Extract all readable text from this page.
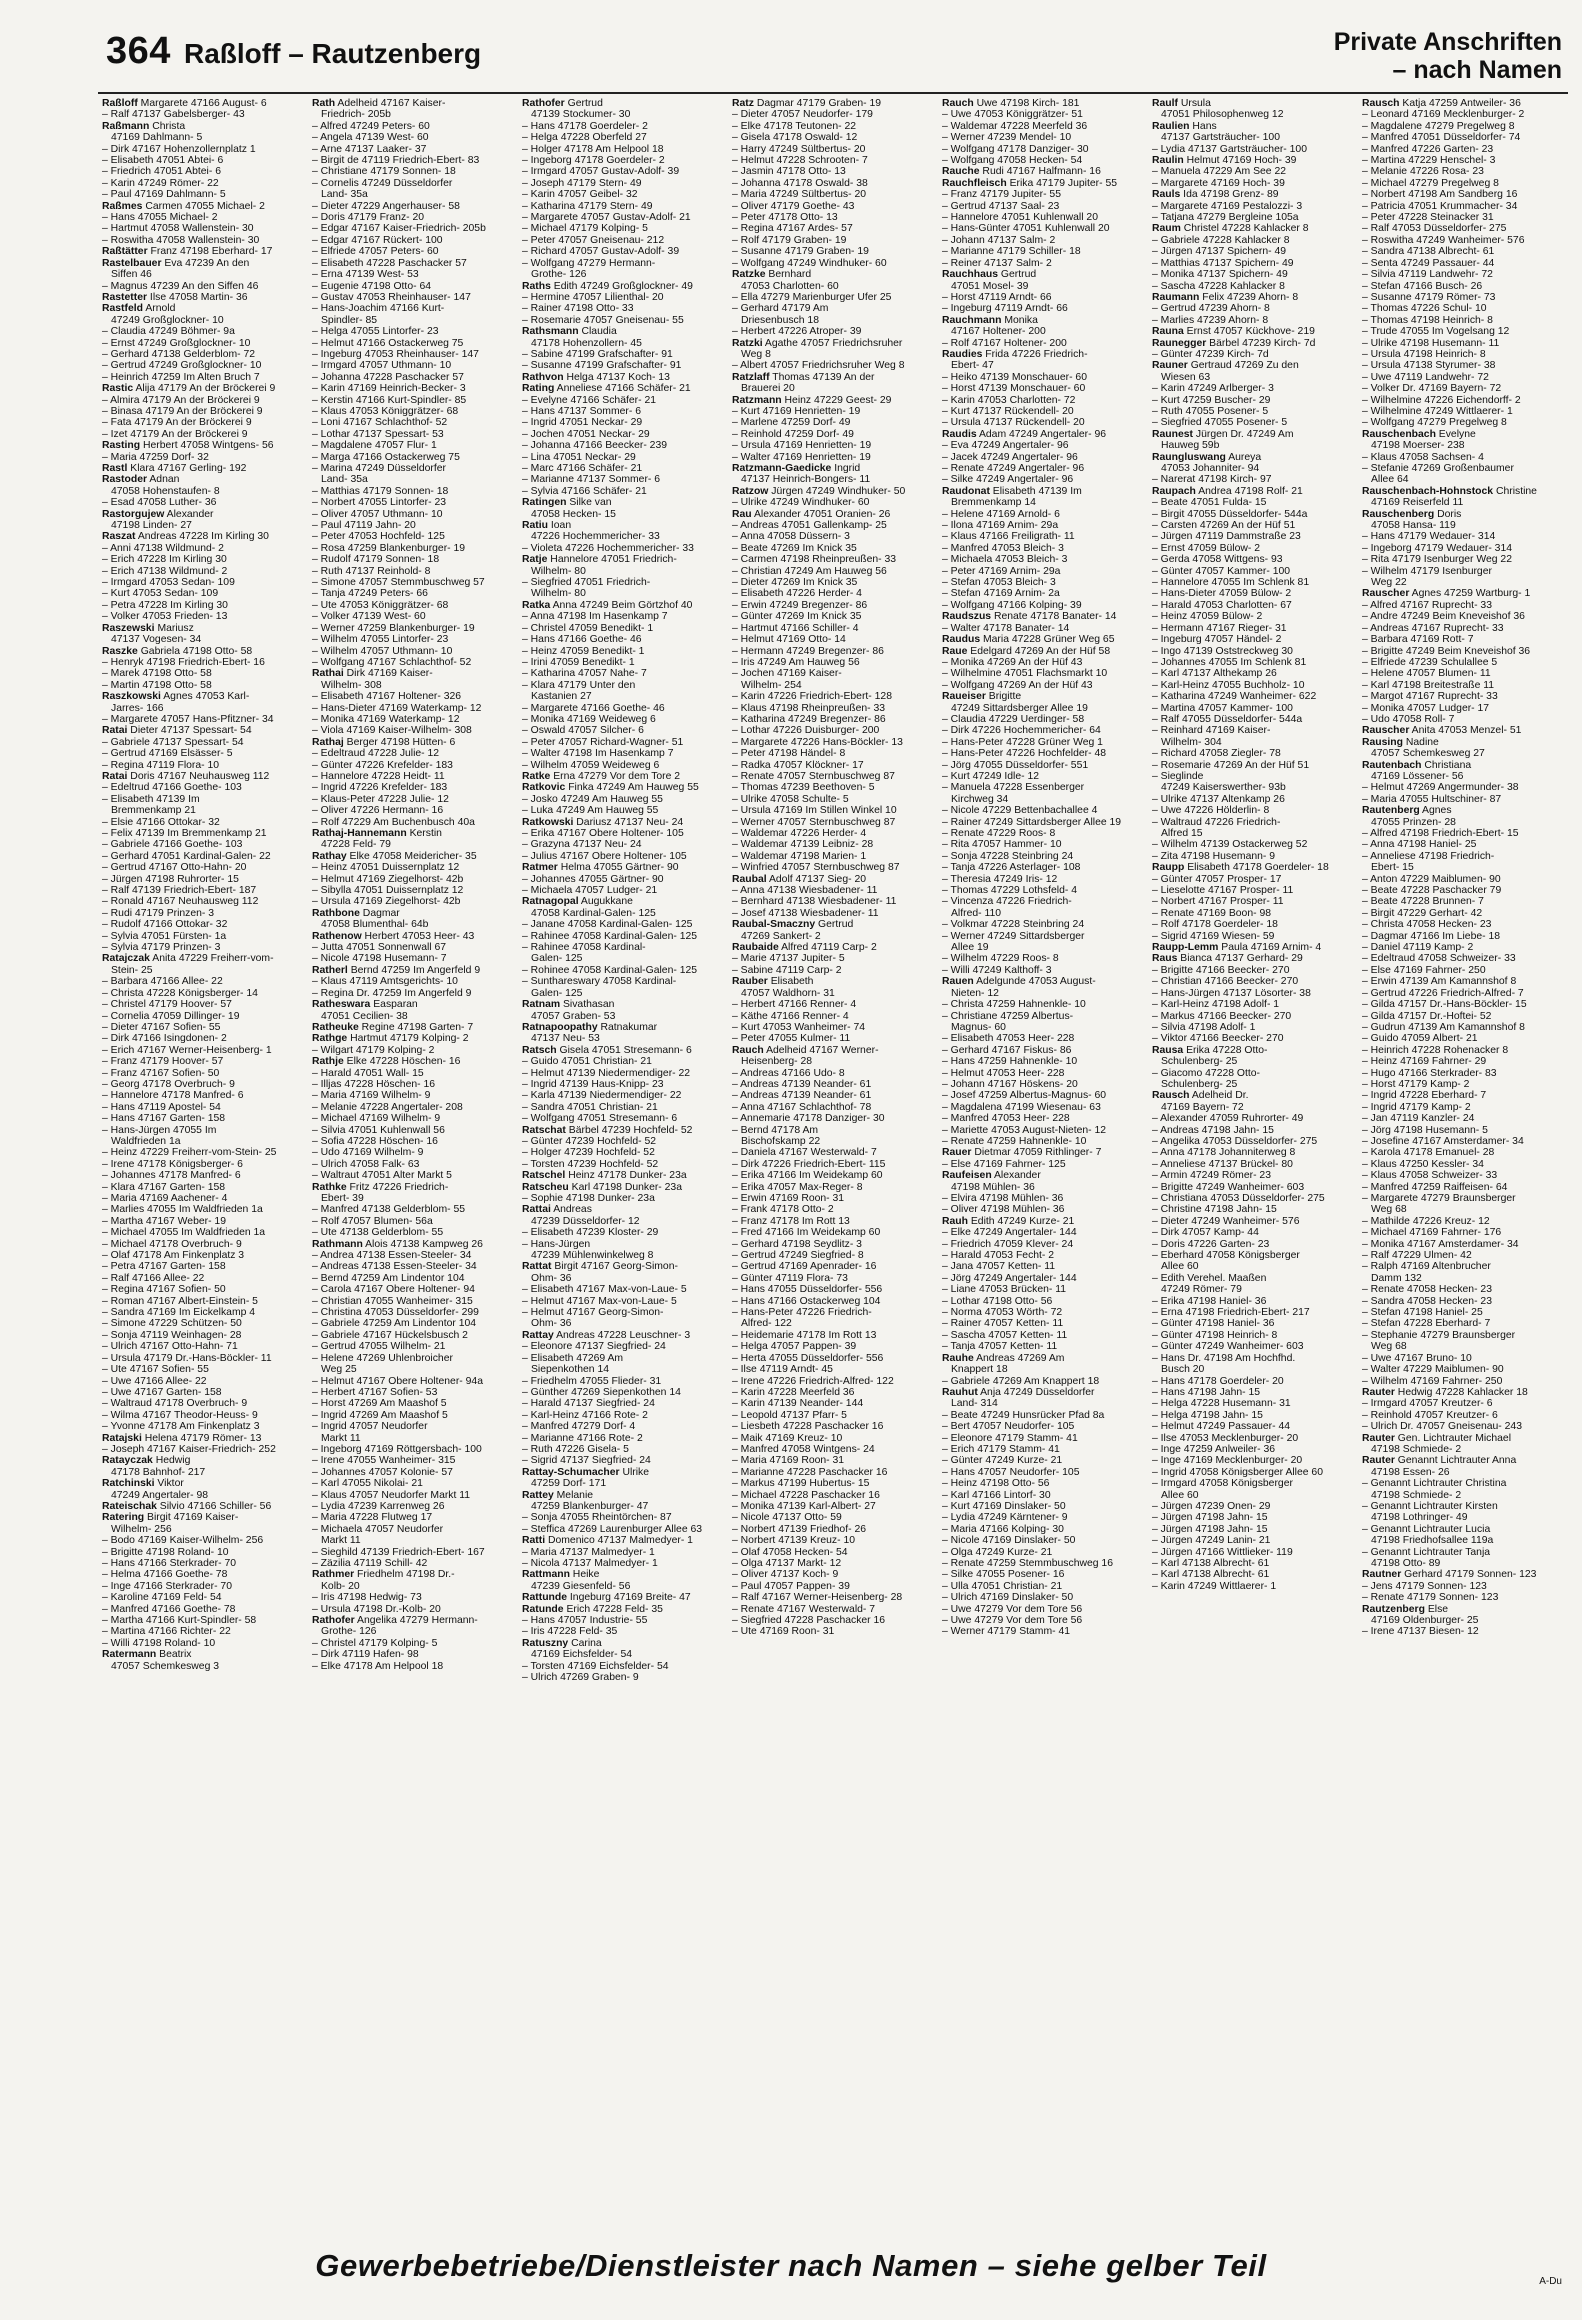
364 Raßloff – Rautzenberg	Private Anschriften
– nach Namen
Raßloff Margarete 47166 August- 6
– Ralf 47137 Gabelsberger- 43
Raßmann Christa
47169 Dahlmann- 5
– Dirk 47167 Hohenzollernplatz 1
– Elisabeth 47051 Abtei- 6
– Friedrich 47051 Abtei- 6
– Karin 47249 Römer- 22
– Paul 47169 Dahlmann- 5
Raßmes Carmen 47055 Michael- 2
– Hans 47055 Michael- 2
– Hartmut 47058 Wallenstein- 30
– Roswitha 47058 Wallenstein- 30
Raßtätter Franz 47198 Eberhard- 17
Rastelbauer Eva 47239 An den
Siffen 46
– Magnus 47239 An den Siffen 46
Rastetter Ilse 47058 Martin- 36
Rastfeld Arnold
47249 Großglockner- 10
– Claudia 47249 Böhmer- 9a
– Ernst 47249 Großglockner- 10
– Gerhard 47138 Gelderblom- 72
– Gertrud 47249 Großglockner- 10
– Heinrich 47259 Im Alten Bruch 7
Rastic Alija 47179 An der Bröckerei 9
– Almira 47179 An der Bröckerei 9
– Binasa 47179 An der Bröckerei 9
– Fata 47179 An der Bröckerei 9
– Izet 47179 An der Bröckerei 9
Rasting Herbert 47058 Wintgens- 56
– Maria 47259 Dorf- 32
Rastl Klara 47167 Gerling- 192
Rastoder Adnan
47058 Hohenstaufen- 8
– Esad 47058 Luther- 36
Rastorgujew Alexander
47198 Linden- 27
Raszat Andreas 47228 Im Kirling 30
– Anni 47138 Wildmund- 2
– Erich 47228 Im Kirling 30
– Erich 47138 Wildmund- 2
– Irmgard 47053 Sedan- 109
– Kurt 47053 Sedan- 109
– Petra 47228 Im Kirling 30
– Volker 47053 Frieden- 13
Raszewski Mariusz
47137 Vogesen- 34
Raszke Gabriela 47198 Otto- 58
– Henryk 47198 Friedrich-Ebert- 16
– Marek 47198 Otto- 58
– Martin 47198 Otto- 58
Raszkowski Agnes 47053 Karl-
Jarres- 166
– Margarete 47057 Hans-Pfitzner- 34
Ratai Dieter 47137 Spessart- 54
– Gabriele 47137 Spessart- 54
– Gertrud 47169 Elsässer- 5
– Regina 47119 Flora- 10
Ratai Doris 47167 Neuhausweg 112
– Edeltrud 47166 Goethe- 103
– Elisabeth 47139 Im
Bremmenkamp 21
– Elsie 47166 Ottokar- 32
– Felix 47139 Im Bremmenkamp 21
– Gabriele 47166 Goethe- 103
– Gerhard 47051 Kardinal-Galen- 22
– Gertrud 47167 Otto-Hahn- 20
– Jürgen 47198 Ruhrorter- 15
– Ralf 47139 Friedrich-Ebert- 187
– Ronald 47167 Neuhausweg 112
– Rudi 47179 Prinzen- 3
– Rudolf 47166 Ottokar- 32
– Sylvia 47051 Fürsten- 1a
– Sylvia 47179 Prinzen- 3
Ratajczak Anita 47229 Freiherr-vom-
Stein- 25
– Barbara 47166 Allee- 22
– Christa 47228 Königsberger- 14
– Christel 47179 Hoover- 57
– Cornelia 47059 Dillinger- 19
– Dieter 47167 Sofien- 55
– Dirk 47166 Isingdonen- 2
– Erich 47167 Werner-Heisenberg- 1
– Franz 47179 Hoover- 57
– Franz 47167 Sofien- 50
– Georg 47178 Overbruch- 9
– Hannelore 47178 Manfred- 6
– Hans 47119 Apostel- 54
– Hans 47167 Garten- 158
– Hans-Jürgen 47055 Im
Waldfrieden 1a
– Heinz 47229 Freiherr-vom-Stein- 25
– Irene 47178 Königsberger- 6
– Johannes 47178 Manfred- 6
– Klara 47167 Garten- 158
– Maria 47169 Aachener- 4
– Marlies 47055 Im Waldfrieden 1a
– Martha 47167 Weber- 19
– Michael 47055 Im Waldfrieden 1a
– Michael 47178 Overbruch- 9
– Olaf 47178 Am Finkenplatz 3
– Petra 47167 Garten- 158
– Ralf 47166 Allee- 22
– Regina 47167 Sofien- 50
– Roman 47167 Albert-Einstein- 5
– Sandra 47169 Im Eickelkamp 4
– Simone 47229 Schützen- 50
– Sonja 47119 Weinhagen- 28
– Ulrich 47167 Otto-Hahn- 71
– Ursula 47179 Dr.-Hans-Böckler- 11
– Ute 47167 Sofien- 55
– Uwe 47166 Allee- 22
– Uwe 47167 Garten- 158
– Waltraud 47178 Overbruch- 9
– Wilma 47167 Theodor-Heuss- 9
– Yvonne 47178 Am Finkenplatz 3
Ratajski Helena 47179 Römer- 13
– Joseph 47167 Kaiser-Friedrich- 252
Ratayczak Hedwig
47178 Bahnhof- 217
Ratchinski Viktor
47249 Angertaler- 98
Rateischak Silvio 47166 Schiller- 56
Ratering Birgit 47169 Kaiser-
Wilhelm- 256
– Bodo 47169 Kaiser-Wilhelm- 256
– Brigitte 47198 Roland- 10
– Hans 47166 Sterkrader- 70
– Helma 47166 Goethe- 78
– Inge 47166 Sterkrader- 70
– Karoline 47169 Feld- 54
– Manfred 47166 Goethe- 78
– Martha 47166 Kurt-Spindler- 58
– Martina 47166 Richter- 22
– Willi 47198 Roland- 10
Ratermann Beatrix
47057 Schemkesweg 3
Rath Adelheid 47167 Kaiser-
Friedrich- 205b
– Alfred 47249 Peters- 60
– Angela 47139 West- 60
– Arne 47137 Laaker- 37
– Birgit de 47119 Friedrich-Ebert- 83
– Christiane 47179 Sonnen- 18
– Cornelis 47249 Düsseldorfer
Land- 35a
– Dieter 47229 Angerhauser- 58
– Doris 47179 Franz- 20
– Edgar 47167 Kaiser-Friedrich- 205b
– Edgar 47167 Rückert- 100
– Elfriede 47057 Peters- 60
– Elisabeth 47228 Paschacker 57
– Erna 47139 West- 53
– Eugenie 47198 Otto- 64
– Gustav 47053 Rheinhauser- 147
– Hans-Joachim 47166 Kurt-
Spindler- 85
– Helga 47055 Lintorfer- 23
– Helmut 47166 Ostackerweg 75
– Ingeburg 47053 Rheinhauser- 147
– Irmgard 47057 Uthmann- 10
– Johanna 47228 Paschacker 57
– Karin 47169 Heinrich-Becker- 3
– Kerstin 47166 Kurt-Spindler- 85
– Klaus 47053 Königgrätzer- 68
– Loni 47167 Schlachthof- 52
– Lothar 47137 Spessart- 53
– Magdalene 47057 Flur- 1
– Marga 47166 Ostackerweg 75
– Marina 47249 Düsseldorfer
Land- 35a
– Matthias 47179 Sonnen- 18
– Norbert 47055 Lintorfer- 23
– Oliver 47057 Uthmann- 10
– Paul 47119 Jahn- 20
– Peter 47053 Hochfeld- 125
– Rosa 47259 Blankenburger- 19
– Rudolf 47179 Sonnen- 18
– Ruth 47137 Reinhold- 8
– Simone 47057 Stemmbuschweg 57
– Tanja 47249 Peters- 66
– Ute 47053 Königgrätzer- 68
– Volker 47139 West- 60
– Werner 47259 Blankenburger- 19
– Wilhelm 47055 Lintorfer- 23
– Wilhelm 47057 Uthmann- 10
– Wolfgang 47167 Schlachthof- 52
Rathai Dirk 47169 Kaiser-
Wilhelm- 308
– Elisabeth 47167 Holtener- 326
– Hans-Dieter 47169 Waterkamp- 12
– Monika 47169 Waterkamp- 12
– Viola 47169 Kaiser-Wilhelm- 308
Rathaj Berger 47198 Hütten- 6
– Edeltraud 47228 Julie- 12
– Günter 47226 Krefelder- 183
– Hannelore 47228 Heidt- 11
– Ingrid 47226 Krefelder- 183
– Klaus-Peter 47228 Julie- 12
– Oliver 47226 Hermann- 16
– Rolf 47229 Am Buchenbusch 40a
Rathaj-Hannemann Kerstin
47228 Feld- 79
Rathay Elke 47058 Meidericher- 35
– Heinz 47051 Duissernplatz 12
– Helmut 47169 Ziegelhorst- 42b
– Sibylla 47051 Duissernplatz 12
– Ursula 47169 Ziegelhorst- 42b
Rathbone Dagmar
47058 Blumenthal- 64b
Rathenow Herbert 47053 Heer- 43
– Jutta 47051 Sonnenwall 67
– Nicole 47198 Husemann- 7
Ratherl Bernd 47259 Im Angerfeld 9
– Klaus 47119 Amtsgerichts- 10
– Regina Dr. 47259 Im Angerfeld 9
Ratheswara Easparan
47051 Cecilien- 38
Ratheuke Regine 47198 Garten- 7
Rathge Hartmut 47179 Kolping- 2
– Wilgart 47179 Kolping- 2
Rathje Elke 47228 Höschen- 16
– Harald 47051 Wall- 15
– Illjas 47228 Höschen- 16
– Maria 47169 Wilhelm- 9
– Melanie 47228 Angertaler- 208
– Michael 47169 Wilhelm- 9
– Silvia 47051 Kuhlenwall 56
– Sofia 47228 Höschen- 16
– Udo 47169 Wilhelm- 9
– Ulrich 47058 Falk- 63
– Waltraut 47051 Alter Markt 5
Rathke Fritz 47226 Friedrich-
Ebert- 39
– Manfred 47138 Gelderblom- 55
– Rolf 47057 Blumen- 56a
– Ute 47138 Gelderblom- 55
Rathmann Alois 47138 Kampweg 26
– Andrea 47138 Essen-Steeler- 34
– Andreas 47138 Essen-Steeler- 34
– Bernd 47259 Am Lindentor 104
– Carola 47167 Obere Holtener- 94
– Christian 47055 Wanheimer- 315
– Christina 47053 Düsseldorfer- 299
– Gabriele 47259 Am Lindentor 104
– Gabriele 47167 Hückelsbusch 2
– Gertrud 47055 Wilhelm- 21
– Helene 47269 Uhlenbroicher
Weg 25
– Helmut 47167 Obere Holtener- 94a
– Herbert 47167 Sofien- 53
– Horst 47269 Am Maashof 5
– Ingrid 47269 Am Maashof 5
– Ingrid 47057 Neudorfer
Markt 11
– Ingeborg 47169 Röttgersbach- 100
– Irene 47055 Wanheimer- 315
– Johannes 47057 Kolonie- 57
– Karl 47055 Nikolai- 21
– Klaus 47057 Neudorfer Markt 11
– Lydia 47239 Karrenweg 26
– Maria 47228 Flutweg 17
– Michaela 47057 Neudorfer
Markt 11
– Sieghild 47139 Friedrich-Ebert- 167
– Zäzilia 47119 Schill- 42
Rathmer Friedhelm 47198 Dr.-
Kolb- 20
– Iris 47198 Hedwig- 73
– Ursula 47198 Dr.-Kolb- 20
Rathofer Angelika 47279 Hermann-
Grothe- 126
– Christel 47179 Kolping- 5
– Dirk 47119 Hafen- 98
– Elke 47178 Am Helpool 18
Rathofer Gertrud
47139 Stockumer- 30
– Hans 47178 Goerdeler- 2
– Helga 47228 Oberfeld 27
– Holger 47178 Am Helpool 18
– Ingeborg 47178 Goerdeler- 2
– Irmgard 47057 Gustav-Adolf- 39
– Joseph 47179 Stern- 49
– Karin 47057 Geibel- 32
– Katharina 47179 Stern- 49
– Margarete 47057 Gustav-Adolf- 21
– Michael 47179 Kolping- 5
– Peter 47057 Gneisenau- 212
– Richard 47057 Gustav-Adolf- 39
– Wolfgang 47279 Hermann-
Grothe- 126
Raths Edith 47249 Großglockner- 49
– Hermine 47057 Lilienthal- 20
– Rainer 47198 Otto- 33
– Rosemarie 47057 Gneisenau- 55
Rathsmann Claudia
47178 Hohenzollern- 45
– Sabine 47199 Grafschafter- 91
– Susanne 47199 Grafschafter- 91
Rathvon Helga 47137 Koch- 13
Rating Anneliese 47166 Schäfer- 21
– Evelyne 47166 Schäfer- 21
– Hans 47137 Sommer- 6
– Ingrid 47051 Neckar- 29
– Jochen 47051 Neckar- 29
– Johanna 47166 Beecker- 239
– Lina 47051 Neckar- 29
– Marc 47166 Schäfer- 21
– Marianne 47137 Sommer- 6
– Sylvia 47166 Schäfer- 21
Ratingen Silke van
47058 Hecken- 15
Ratiu Ioan
47226 Hochemmericher- 33
– Violeta 47226 Hochemmericher- 33
Ratje Hannelore 47051 Friedrich-
Wilhelm- 80
– Siegfried 47051 Friedrich-
Wilhelm- 80
Ratka Anna 47249 Beim Görtzhof 40
– Anna 47198 Im Hasenkamp 7
– Christel 47059 Benedikt- 1
– Hans 47166 Goethe- 46
– Heinz 47059 Benedikt- 1
– Irini 47059 Benedikt- 1
– Katharina 47057 Nahe- 7
– Klara 47179 Unter den
Kastanien 27
– Margarete 47166 Goethe- 46
– Monika 47169 Weideweg 6
– Oswald 47057 Silcher- 6
– Peter 47057 Richard-Wagner- 51
– Walter 47198 Im Hasenkamp 7
– Wilhelm 47059 Weideweg 6
Ratke Erna 47279 Vor dem Tore 2
Ratkovic Finka 47249 Am Hauweg 55
– Josko 47249 Am Hauweg 55
– Luka 47249 Am Hauweg 55
Ratkowski Dariusz 47137 Neu- 24
– Erika 47167 Obere Holtener- 105
– Grazyna 47137 Neu- 24
– Julius 47167 Obere Holtener- 105
Ratmer Helma 47055 Gärtner- 90
– Johannes 47055 Gärtner- 90
– Michaela 47057 Ludger- 21
Ratnagopal Augukkane
47058 Kardinal-Galen- 125
– Janane 47058 Kardinal-Galen- 125
– Rahinee 47058 Kardinal-Galen- 125
– Rahinee 47058 Kardinal-
Galen- 125
– Rohinee 47058 Kardinal-Galen- 125
– Sunthareswary 47058 Kardinal-
Galen- 125
Ratnam Sivathasan
47057 Graben- 53
Ratnapoopathy Ratnakumar
47137 Neu- 53
Ratsch Gisela 47051 Stresemann- 6
– Guido 47051 Christian- 21
– Helmut 47139 Niedermendiger- 22
– Ingrid 47139 Haus-Knipp- 23
– Karla 47139 Niedermendiger- 22
– Sandra 47051 Christian- 21
– Wolfgang 47051 Stresemann- 6
Ratschat Bärbel 47239 Hochfeld- 52
– Günter 47239 Hochfeld- 52
– Holger 47239 Hochfeld- 52
– Torsten 47239 Hochfeld- 52
Ratschel Heinz 47178 Dunker- 23a
Ratscheu Karl 47198 Dunker- 23a
– Sophie 47198 Dunker- 23a
Rattai Andreas
47239 Düsseldorfer- 12
– Elisabeth 47239 Kloster- 29
– Hans-Jürgen
47239 Mühlenwinkelweg 8
Rattat Birgit 47167 Georg-Simon-
Ohm- 36
– Elisabeth 47167 Max-von-Laue- 5
– Helmut 47167 Max-von-Laue- 5
– Helmut 47167 Georg-Simon-
Ohm- 36
Rattay Andreas 47228 Leuschner- 3
– Eleonore 47137 Siegfried- 24
– Elisabeth 47269 Am
Siepenkothen 14
– Friedhelm 47055 Flieder- 31
– Günther 47269 Siepenkothen 14
– Harald 47137 Siegfried- 24
– Karl-Heinz 47166 Rote- 2
– Manfred 47279 Dorf- 4
– Marianne 47166 Rote- 2
– Ruth 47226 Gisela- 5
– Sigrid 47137 Siegfried- 24
Rattay-Schumacher Ulrike
47259 Dorf- 171
Rattey Melanie
47259 Blankenburger- 47
– Sonja 47055 Rheintörchen- 87
– Steffica 47269 Laurenburger Allee 63
Ratti Domenico 47137 Malmedyer- 1
– Maria 47137 Malmedyer- 1
– Nicola 47137 Malmedyer- 1
Rattmann Heike
47239 Giesenfeld- 56
Rattunde Ingeburg 47169 Breite- 47
Ratunde Erich 47228 Feld- 35
– Hans 47057 Industrie- 55
– Iris 47228 Feld- 35
Ratuszny Carina
47169 Eichsfelder- 54
– Torsten 47169 Eichsfelder- 54
– Ulrich 47269 Graben- 9
Ratz Dagmar 47179 Graben- 19
– Dieter 47057 Neudorfer- 179
– Elke 47178 Teutonen- 22
– Gisela 47178 Oswald- 12
– Harry 47249 Sültbertus- 20
– Helmut 47228 Schrooten- 7
– Jasmin 47178 Otto- 13
– Johanna 47178 Oswald- 38
– Maria 47249 Sültbertus- 20
– Oliver 47179 Goethe- 43
– Peter 47178 Otto- 13
– Regina 47167 Ardes- 57
– Rolf 47179 Graben- 19
– Susanne 47179 Graben- 19
– Wolfgang 47249 Windhuker- 60
Ratzke Bernhard
47053 Charlotten- 60
– Ella 47279 Marienburger Ufer 25
– Gerhard 47179 Am
Driesenbusch 18
– Herbert 47226 Atroper- 39
Ratzki Agathe 47057 Friedrichsruher
Weg 8
– Albert 47057 Friedrichsruher Weg 8
Ratzlaff Thomas 47139 An der
Brauerei 20
Ratzmann Heinz 47229 Geest- 29
– Kurt 47169 Henrietten- 19
– Marlene 47259 Dorf- 49
– Reinhold 47259 Dorf- 49
– Ursula 47169 Henrietten- 19
– Walter 47169 Henrietten- 19
Ratzmann-Gaedicke Ingrid
47137 Heinrich-Bongers- 11
Ratzow Jürgen 47249 Windhuker- 50
– Ulrike 47249 Windhuker- 60
Rau Alexander 47051 Oranien- 26
– Andreas 47051 Gallenkamp- 25
– Anna 47058 Düssern- 3
– Beate 47269 Im Knick 35
– Carmen 47198 Rheinpreußen- 33
– Christian 47249 Am Hauweg 56
– Dieter 47269 Im Knick 35
– Elisabeth 47226 Herder- 4
– Erwin 47249 Bregenzer- 86
– Günter 47269 Im Knick 35
– Hartmut 47166 Schiller- 4
– Helmut 47169 Otto- 14
– Hermann 47249 Bregenzer- 86
– Iris 47249 Am Hauweg 56
– Jochen 47169 Kaiser-
Wilhelm- 254
– Karin 47226 Friedrich-Ebert- 128
– Klaus 47198 Rheinpreußen- 33
– Katharina 47249 Bregenzer- 86
– Lothar 47226 Duisburger- 200
– Margarete 47226 Hans-Böckler- 13
– Peter 47198 Händel- 8
– Radka 47057 Klöckner- 17
– Renate 47057 Sternbuschweg 87
– Thomas 47239 Beethoven- 5
– Ulrike 47058 Schulte- 5
– Ursula 47169 Im Stillen Winkel 10
– Werner 47057 Sternbuschweg 87
– Waldemar 47226 Herder- 4
– Waldemar 47139 Leibniz- 28
– Waldemar 47198 Marien- 1
– Winfried 47057 Sternbuschweg 87
Raubal Adolf 47137 Sieg- 20
– Anna 47138 Wiesbadener- 11
– Bernhard 47138 Wiesbadener- 11
– Josef 47138 Wiesbadener- 11
Raubal-Smaczny Gertrud
47269 Sankert- 2
Raubaide Alfred 47119 Carp- 2
– Marie 47137 Jupiter- 5
– Sabine 47119 Carp- 2
Rauber Elisabeth
47057 Waldhorn- 31
– Herbert 47166 Renner- 4
– Käthe 47166 Renner- 4
– Kurt 47053 Wanheimer- 74
– Peter 47055 Kulmer- 11
Rauch Adelheid 47167 Werner-
Heisenberg- 28
– Andreas 47166 Udo- 8
– Andreas 47139 Neander- 61
– Andreas 47139 Neander- 61
– Anna 47167 Schlachthof- 78
– Annemarie 47178 Danziger- 30
– Bernd 47178 Am
Bischofskamp 22
– Daniela 47167 Westerwald- 7
– Dirk 47226 Friedrich-Ebert- 115
– Erika 47166 Im Weidekamp 60
– Erika 47057 Max-Reger- 8
– Erwin 47169 Roon- 31
– Frank 47178 Otto- 2
– Franz 47178 Im Rott 13
– Fred 47166 Im Weidekamp 60
– Gerhard 47198 Seydlitz- 3
– Gertrud 47249 Siegfried- 8
– Gertrud 47169 Apenrader- 16
– Günter 47119 Flora- 73
– Hans 47055 Düsseldorfer- 556
– Hans 47166 Ostackerweg 104
– Hans-Peter 47226 Friedrich-
Alfred- 122
– Heidemarie 47178 Im Rott 13
– Helga 47057 Pappen- 39
– Herta 47055 Düsseldorfer- 556
– Ilse 47119 Arndt- 45
– Irene 47226 Friedrich-Alfred- 122
– Karin 47228 Meerfeld 36
– Karin 47139 Neander- 144
– Leopold 47137 Pfarr- 5
– Liesbeth 47228 Paschacker 16
– Maik 47169 Kreuz- 10
– Manfred 47058 Wintgens- 24
– Maria 47169 Roon- 31
– Marianne 47228 Paschacker 16
– Markus 47199 Hubertus- 15
– Michael 47228 Paschacker 16
– Monika 47139 Karl-Albert- 27
– Nicole 47137 Otto- 59
– Norbert 47139 Friedhof- 26
– Norbert 47139 Kreuz- 10
– Olaf 47058 Hecken- 54
– Olga 47137 Markt- 12
– Oliver 47137 Koch- 9
– Paul 47057 Pappen- 39
– Ralf 47167 Werner-Heisenberg- 28
– Renate 47167 Westerwald- 7
– Siegfried 47228 Paschacker 16
– Ute 47169 Roon- 31
Rauch Uwe 47198 Kirch- 181
– Uwe 47053 Königgrätzer- 51
– Waldemar 47228 Meerfeld 36
– Werner 47239 Mendel- 10
– Wolfgang 47178 Danziger- 30
– Wolfgang 47058 Hecken- 54
Rauche Rudi 47167 Halfmann- 16
Rauchfleisch Erika 47179 Jupiter- 55
– Franz 47179 Jupiter- 55
– Gertrud 47137 Saal- 23
– Hannelore 47051 Kuhlenwall 20
– Hans-Günter 47051 Kuhlenwall 20
– Johann 47137 Salm- 2
– Marianne 47179 Schiller- 18
– Reiner 47137 Salm- 2
Rauchhaus Gertrud
47051 Mosel- 39
– Horst 47119 Arndt- 66
– Ingeburg 47119 Arndt- 66
Rauchmann Monika
47167 Holtener- 200
– Rolf 47167 Holtener- 200
Raudies Frida 47226 Friedrich-
Ebert- 47
– Heiko 47139 Monschauer- 60
– Horst 47139 Monschauer- 60
– Karin 47053 Charlotten- 72
– Kurt 47137 Rückendell- 20
– Ursula 47137 Rückendell- 20
Raudis Adam 47249 Angertaler- 96
– Eva 47249 Angertaler- 96
– Jacek 47249 Angertaler- 96
– Renate 47249 Angertaler- 96
– Silke 47249 Angertaler- 96
Raudonat Elisabeth 47139 Im
Bremmenkamp 14
– Helene 47169 Arnold- 6
– Ilona 47169 Arnim- 29a
– Klaus 47166 Freiligrath- 11
– Manfred 47053 Bleich- 3
– Michaela 47053 Bleich- 3
– Peter 47169 Arnim- 29a
– Stefan 47053 Bleich- 3
– Stefan 47169 Arnim- 2a
– Wolfgang 47166 Kolping- 39
Raudszus Renate 47178 Banater- 14
– Walter 47178 Banater- 14
Raudus Maria 47228 Grüner Weg 65
Raue Edelgard 47269 An der Hüf 58
– Monika 47269 An der Hüf 43
– Wilhelmine 47051 Flachsmarkt 10
– Wolfgang 47269 An der Hüf 43
Raueiser Brigitte
47249 Sittardsberger Allee 19
– Claudia 47229 Uerdinger- 58
– Dirk 47226 Hochemmericher- 64
– Hans-Peter 47228 Grüner Weg 1
– Hans-Peter 47226 Hochfelder- 48
– Jörg 47055 Düsseldorfer- 551
– Kurt 47249 Idle- 12
– Manuela 47228 Essenberger
Kirchweg 34
– Nicole 47229 Bettenbachallee 4
– Rainer 47249 Sittardsberger Allee 19
– Renate 47229 Roos- 8
– Rita 47057 Hammer- 10
– Sonja 47228 Steinbring 24
– Tanja 47226 Asterlager- 108
– Theresia 47249 Iris- 12
– Thomas 47229 Lothsfeld- 4
– Vincenza 47226 Friedrich-
Alfred- 110
– Volkmar 47228 Steinbring 24
– Werner 47249 Sittardsberger
Allee 19
– Wilhelm 47229 Roos- 8
– Willi 47249 Kalthoff- 3
Rauen Adelgunde 47053 August-
Nieten- 12
– Christa 47259 Hahnenkle- 10
– Christiane 47259 Albertus-
Magnus- 60
– Elisabeth 47053 Heer- 228
– Gerhard 47167 Fiskus- 86
– Hans 47259 Hahnenkle- 10
– Helmut 47053 Heer- 228
– Johann 47167 Höskens- 20
– Josef 47259 Albertus-Magnus- 60
– Magdalena 47199 Wiesenau- 63
– Manfred 47053 Heer- 228
– Mariette 47053 August-Nieten- 12
– Renate 47259 Hahnenkle- 10
Rauer Dietmar 47059 Rithlinger- 7
– Else 47169 Fahrner- 125
Raufeisen Alexander
47198 Mühlen- 36
– Elvira 47198 Mühlen- 36
– Oliver 47198 Mühlen- 36
Rauh Edith 47249 Kurze- 21
– Elke 47249 Angertaler- 144
– Friedrich 47059 Klever- 24
– Harald 47053 Fecht- 2
– Jana 47057 Ketten- 11
– Jörg 47249 Angertaler- 144
– Liane 47053 Brücken- 11
– Lothar 47198 Otto- 56
– Norma 47053 Wörth- 72
– Rainer 47057 Ketten- 11
– Sascha 47057 Ketten- 11
– Tanja 47057 Ketten- 11
Rauhe Andreas 47269 Am
Knappert 18
– Gabriele 47269 Am Knappert 18
Rauhut Anja 47249 Düsseldorfer
Land- 314
– Beate 47249 Hunsrücker Pfad 8a
– Bert 47057 Neudorfer- 105
– Eleonore 47179 Stamm- 41
– Erich 47179 Stamm- 41
– Günter 47249 Kurze- 21
– Hans 47057 Neudorfer- 105
– Heinz 47198 Otto- 56
– Karl 47166 Lintorf- 30
– Kurt 47169 Dinslaker- 50
– Lydia 47249 Kärntener- 9
– Maria 47166 Kolping- 30
– Nicole 47169 Dinslaker- 50
– Olga 47249 Kurze- 21
– Renate 47259 Stemmbuschweg 16
– Silke 47055 Posener- 16
– Ulla 47051 Christian- 21
– Ulrich 47169 Dinslaker- 50
– Uwe 47279 Vor dem Tore 56
– Uwe 47279 Vor dem Tore 56
– Werner 47179 Stamm- 41
Raulf Ursula
47051 Philosophenweg 12
Raulien Hans
47137 Gartsträucher- 100
– Lydia 47137 Gartsträucher- 100
Raulin Helmut 47169 Hoch- 39
– Manuela 47229 Am See 22
– Margarete 47169 Hoch- 39
Rauls Ida 47198 Grenz- 89
– Margarete 47169 Pestalozzi- 3
– Tatjana 47279 Bergleine 105a
Raum Christel 47228 Kahlacker 8
– Gabriele 47228 Kahlacker 8
– Jürgen 47137 Spichern- 49
– Matthias 47137 Spichern- 49
– Monika 47137 Spichern- 49
– Sascha 47228 Kahlacker 8
Raumann Felix 47239 Ahorn- 8
– Gertrud 47239 Ahorn- 8
– Marlies 47239 Ahorn- 8
Rauna Ernst 47057 Kückhove- 219
Raunegger Bärbel 47239 Kirch- 7d
– Günter 47239 Kirch- 7d
Rauner Gertraud 47269 Zu den
Wiesen 63
– Karin 47249 Arlberger- 3
– Kurt 47259 Buscher- 29
– Ruth 47055 Posener- 5
– Siegfried 47055 Posener- 5
Raunest Jürgen Dr. 47249 Am
Hauweg 59b
Raungluswang Aureya
47053 Johanniter- 94
– Narerat 47198 Kirch- 97
Raupach Andrea 47198 Rolf- 21
– Beate 47051 Fulda- 15
– Birgit 47055 Düsseldorfer- 544a
– Carsten 47269 An der Hüf 51
– Jürgen 47119 Dammstraße 23
– Ernst 47059 Bülow- 2
– Gerda 47058 Wittgens- 93
– Günter 47057 Kammer- 100
– Hannelore 47055 Im Schlenk 81
– Hans-Dieter 47059 Bülow- 2
– Harald 47053 Charlotten- 67
– Heinz 47059 Bülow- 2
– Hermann 47167 Rieger- 31
– Ingeburg 47057 Händel- 2
– Ingo 47139 Oststreckweg 30
– Johannes 47055 Im Schlenk 81
– Karl 47137 Althekamp 26
– Karl-Heinz 47055 Buchholz- 10
– Katharina 47249 Wanheimer- 622
– Martina 47057 Kammer- 100
– Ralf 47055 Düsseldorfer- 544a
– Reinhard 47169 Kaiser-
Wilhelm- 304
– Richard 47058 Ziegler- 78
– Rosemarie 47269 An der Hüf 51
– Sieglinde
47249 Kaiserswerther- 93b
– Ulrike 47137 Altenkamp 26
– Uwe 47226 Hölderlin- 8
– Waltraud 47226 Friedrich-
Alfred 15
– Wilhelm 47139 Ostackerweg 52
– Zita 47198 Husemann- 9
Raupp Elisabeth 47178 Goerdeler- 18
– Günter 47057 Prosper- 17
– Lieselotte 47167 Prosper- 11
– Norbert 47167 Prosper- 11
– Renate 47169 Boon- 98
– Rolf 47178 Goerdeler- 18
– Sigrid 47169 Wiesen- 59
Raupp-Lemm Paula 47169 Arnim- 4
Raus Bianca 47137 Gerhard- 29
– Brigitte 47166 Beecker- 270
– Christian 47166 Beecker- 270
– Hans-Jürgen 47137 Lösorter- 38
– Karl-Heinz 47198 Adolf- 1
– Markus 47166 Beecker- 270
– Silvia 47198 Adolf- 1
– Viktor 47166 Beecker- 270
Rausa Erika 47228 Otto-
Schulenberg- 25
– Giacomo 47228 Otto-
Schulenberg- 25
Rausch Adelheid Dr.
47169 Bayern- 72
– Alexander 47059 Ruhrorter- 49
– Andreas 47198 Jahn- 15
– Angelika 47053 Düsseldorfer- 275
– Anna 47178 Johanniterweg 8
– Anneliese 47137 Brückel- 80
– Armin 47249 Römer- 23
– Brigitte 47249 Wanheimer- 603
– Christiana 47053 Düsseldorfer- 275
– Christine 47198 Jahn- 15
– Dieter 47249 Wanheimer- 576
– Dirk 47057 Kamp- 44
– Doris 47226 Garten- 23
– Eberhard 47058 Königsberger
Allee 60
– Edith Verehel. Maaßen
47249 Römer- 79
– Erika 47198 Haniel- 36
– Erna 47198 Friedrich-Ebert- 217
– Günter 47198 Haniel- 36
– Günter 47198 Heinrich- 8
– Günter 47249 Wanheimer- 603
– Hans Dr. 47198 Am Hochfhd.
Busch 20
– Hans 47178 Goerdeler- 20
– Hans 47198 Jahn- 15
– Helga 47228 Husemann- 31
– Helga 47198 Jahn- 15
– Helmut 47249 Passauer- 44
– Ilse 47053 Mecklenburger- 20
– Inge 47259 Anlweiler- 36
– Inge 47169 Mecklenburger- 20
– Ingrid 47058 Königsberger Allee 60
– Irmgard 47058 Königsberger
Allee 60
– Jürgen 47239 Onen- 29
– Jürgen 47198 Jahn- 15
– Jürgen 47198 Jahn- 15
– Jürgen 47249 Lanin- 21
– Jürgen 47166 Wittlieker- 119
– Karl 47138 Albrecht- 61
– Karl 47138 Albrecht- 61
– Karin 47249 Wittlaerer- 1
Rausch Katja 47259 Antweiler- 36
– Leonard 47169 Mecklenburger- 2
– Magdalene 47279 Pregelweg 8
– Manfred 47051 Düsseldorfer- 74
– Manfred 47226 Garten- 23
– Martina 47229 Henschel- 3
– Melanie 47226 Rosa- 23
– Michael 47279 Pregelweg 8
– Norbert 47198 Am Sandberg 16
– Patricia 47051 Krummacher- 34
– Peter 47228 Steinacker 31
– Ralf 47053 Düsseldorfer- 275
– Roswitha 47249 Wanheimer- 576
– Sandra 47138 Albrecht- 61
– Senta 47249 Passauer- 44
– Silvia 47119 Landwehr- 72
– Stefan 47166 Busch- 26
– Susanne 47179 Römer- 73
– Thomas 47226 Schul- 10
– Thomas 47198 Heinrich- 8
– Trude 47055 Im Vogelsang 12
– Ulrike 47198 Husemann- 11
– Ursula 47198 Heinrich- 8
– Ursula 47138 Styrumer- 38
– Uwe 47119 Landwehr- 72
– Volker Dr. 47169 Bayern- 72
– Wilhelmine 47226 Eichendorff- 2
– Wilhelmine 47249 Wittlaerer- 1
– Wolfgang 47279 Pregelweg 8
Rauschenbach Evelyne
47198 Moerser- 238
– Klaus 47058 Sachsen- 4
– Stefanie 47269 Großenbaumer
Allee 64
Rauschenbach-Hohnstock Christine
47169 Reiserfeld 11
Rauschenberg Doris
47058 Hansa- 119
– Hans 47179 Wedauer- 314
– Ingeborg 47179 Wedauer- 314
– Rita 47179 Isenburger Weg 22
– Wilhelm 47179 Isenburger
Weg 22
Rauscher Agnes 47259 Wartburg- 1
– Alfred 47167 Ruprecht- 33
– Andre 47249 Beim Kneveishof 36
– Andreas 47167 Ruprecht- 33
– Barbara 47169 Rott- 7
– Brigitte 47249 Beim Kneveishof 36
– Elfriede 47239 Schulallee 5
– Helene 47057 Blumen- 11
– Karl 47198 Breitestraße 11
– Margot 47167 Ruprecht- 33
– Monika 47057 Ludger- 17
– Udo 47058 Roll- 7
Rauscher Anita 47053 Menzel- 51
Rausing Nadine
47057 Schemkesweg 27
Rautenbach Christiana
47169 Lössener- 56
– Helmut 47269 Angermunder- 38
– Maria 47055 Hultschiner- 87
Rautenberg Agnes
47055 Prinzen- 28
– Alfred 47198 Friedrich-Ebert- 15
– Anna 47198 Haniel- 25
– Anneliese 47198 Friedrich-
Ebert- 15
– Anton 47229 Maiblumen- 90
– Beate 47228 Paschacker 79
– Beate 47228 Brunnen- 7
– Birgit 47229 Gerhart- 42
– Christa 47058 Hecken- 23
– Dagmar 47166 Im Liebe- 18
– Daniel 47119 Kamp- 2
– Edeltraud 47058 Schweizer- 33
– Else 47169 Fahrner- 250
– Erwin 47139 Am Kamannshof 8
– Gertrud 47226 Friedrich-Alfred- 7
– Gilda 47157 Dr.-Hans-Böckler- 15
– Gilda 47157 Dr.-Hoftei- 52
– Gudrun 47139 Am Kamannshof 8
– Guido 47059 Albert- 21
– Heinrich 47228 Rohenacker 8
– Heinz 47169 Fahrner- 29
– Hugo 47166 Sterkrader- 83
– Horst 47179 Kamp- 2
– Ingrid 47228 Eberhard- 7
– Ingrid 47179 Kamp- 2
– Jan 47119 Kanzler- 24
– Jörg 47198 Husemann- 5
– Josefine 47167 Amsterdamer- 34
– Karola 47178 Emanuel- 28
– Klaus 47250 Kessler- 34
– Klaus 47058 Schweizer- 33
– Manfred 47259 Raiffeisen- 64
– Margarete 47279 Braunsberger
Weg 68
– Mathilde 47226 Kreuz- 12
– Michael 47169 Fahrner- 176
– Monika 47167 Amsterdamer- 34
– Ralf 47229 Ulmen- 42
– Ralph 47169 Altenbrucher
Damm 132
– Renate 47058 Hecken- 23
– Sandra 47058 Hecken- 23
– Stefan 47198 Haniel- 25
– Stefan 47228 Eberhard- 7
– Stephanie 47279 Braunsberger
Weg 68
– Uwe 47167 Bruno- 10
– Walter 47229 Maiblumen- 90
– Wilhelm 47169 Fahrner- 250
Rauter Hedwig 47228 Kahlacker 18
– Irmgard 47057 Kreutzer- 6
– Reinhold 47057 Kreutzer- 6
– Ulrich Dr. 47057 Gneisenau- 243
Rauter Gen. Lichtrauter Michael
47198 Schmiede- 2
Rauter Genannt Lichtrauter Anna
47198 Essen- 26
– Genannt Lichtrauter Christina
47198 Schmiede- 2
– Genannt Lichtrauter Kirsten
47198 Lothringer- 49
– Genannt Lichtrauter Lucia
47198 Friedhofsallee 119a
– Genannt Lichtrauter Tanja
47198 Otto- 89
Rautner Gerhard 47179 Sonnen- 123
– Jens 47179 Sonnen- 123
– Renate 47179 Sonnen- 123
Rautzenberg Else
47169 Oldenburger- 25
– Irene 47137 Biesen- 12
Gewerbebetriebe/Dienstleister nach Namen – siehe gelber Teil	A-Du
